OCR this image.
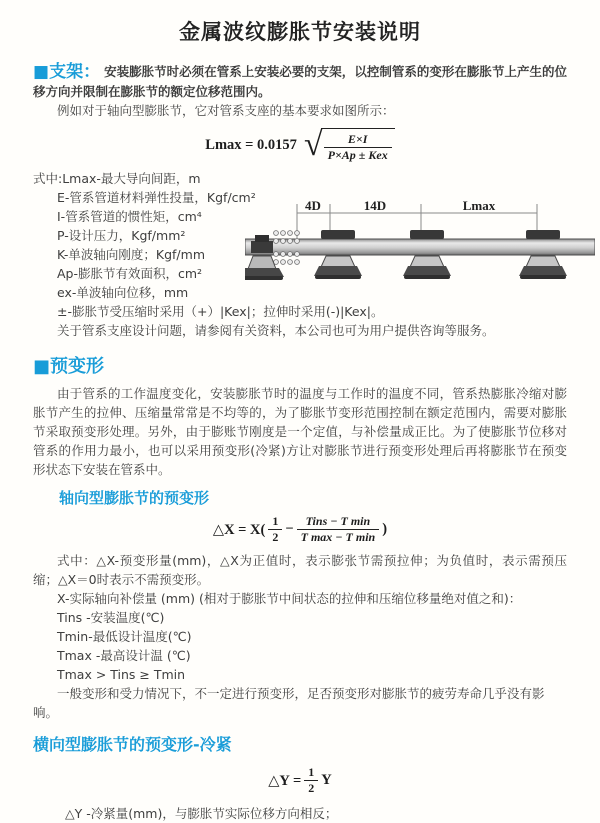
金属波纹膨胀节安装说明

■支架： 安装膨胀节时必须在管系上安装必要的支架，以控制管系的变形在膨胀节上产生的位移方向并限制在膨胀节的额定位移范围内。

例如对于轴向型膨胀节，它对管系支座的基本要求如图所示：

Lmax = 0.0157 √ $\frac{E\times I}{\text{P×Ap ± Kex}}$

式中:Lmax-最大导向间距，m

E-管系管道材料弹性投量，Kgf/cm²

I-管系管道的惯性矩，cm⁴

P-设计压力，Kgf/mm²

K-单波轴向刚度；Kgf/mm

Ap-膨胀节有效面积，cm²

ex-单波轴向位移，mm

±-膨胀节受压缩时采用（+）|Kex|；拉伸时采用(-)|Kex|。

关于管系支座设计问题，请参阅有关资料，本公司也可为用户提供咨询等服务。

4D	14D	Lmax
■预变形

由于管系的工作温度变化，安装膨胀节时的温度与工作时的温度不同，管系热膨胀冷缩对膨胀节产生的拉伸、压缩量常常是不均等的，为了膨胀节变形范围控制在额定范围内，需要对膨胀节采取预变形处理。另外，由于膨账节刚度是一个定值，与补偿量成正比。为了使膨胀节位移对管系的作用力最小，也可以采用预变形(冷紧)方让对膨胀节进行预变形处理后再将膨胀节在预变形状态下安装在管系中。

轴向型膨胀节的预变形
△X = $X( \frac{1}{2} - \frac{\text{Tins − T min}}{\text{T max − T min}}$ )

式中：△X-预变形量(mm)，△X为正值时，表示膨张节需预拉伸；为负值时，表示需预压缩；△X＝0时表示不需预变形。

X-实际轴向补偿量 (mm) (相对于膨胀节中间状态的拉伸和压缩位移量绝对值之和)：

Tins -安装温度(℃)

Tmin-最低设计温度(℃)

Tmax -最高设计温 (℃)

Tmax > Tins ≥ Tmin

一般变形和受力情况下，不一定进行预变形，足否预变形对膨胀节的疲劳寿命几乎没有影响。

横向型膨胀节的预变形-冷紧
△Y = $\frac{1}{2}$ Y

△Y -冷紧量(mm)，与膨胀节实际位移方向相反；
